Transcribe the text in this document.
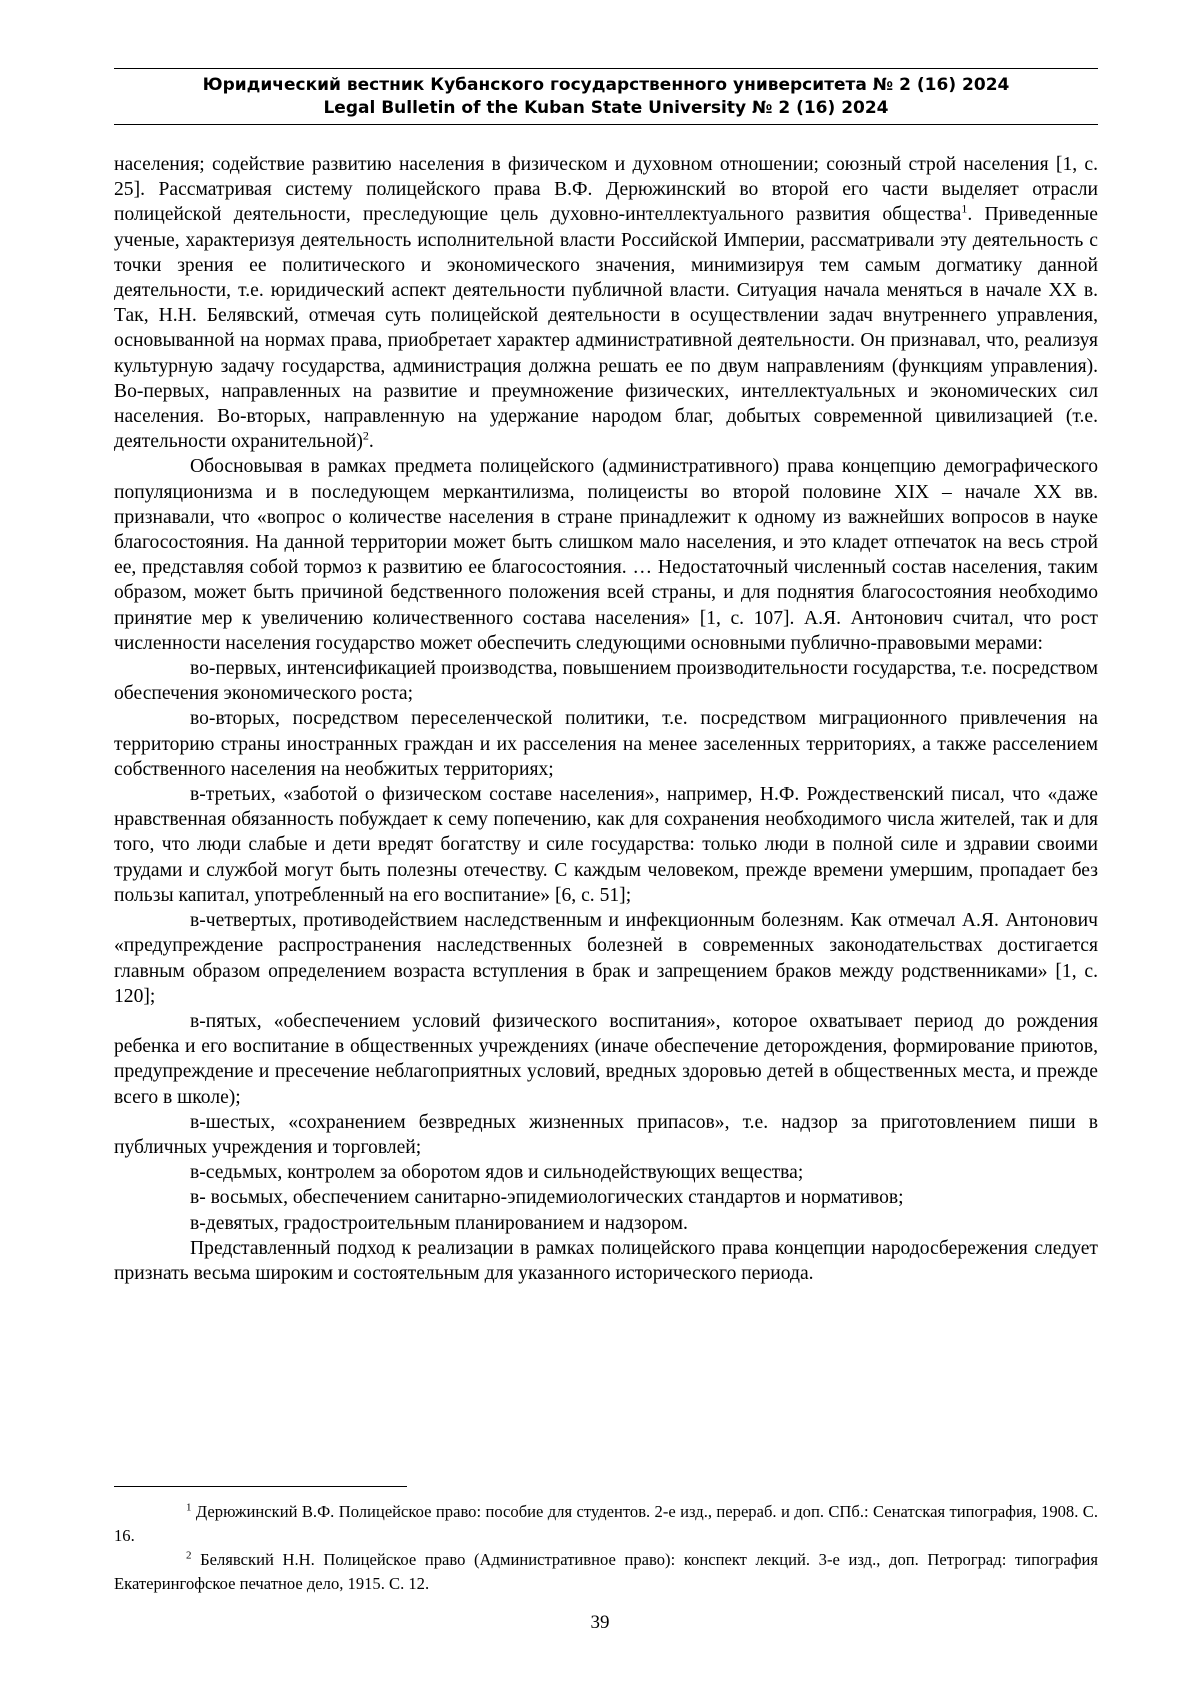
Юридический вестник Кубанского государственного университета № 2 (16) 2024
Legal Bulletin of the Kuban State University № 2 (16) 2024

населения; содействие развитию населения в физическом и духовном отношении; союзный строй населения [1, с. 25]. Рассматривая систему полицейского права В.Ф. Дерюжинский во второй его части выделяет отрасли полицейской деятельности, преследующие цель духовно-интеллектуального развития общества$^1$. Приведенные ученые, характеризуя деятельность исполнительной власти Российской Империи, рассматривали эту деятельность с точки зрения ее политического и экономического значения, минимизируя тем самым догматику данной деятельности, т.е. юридический аспект деятельности публичной власти. Ситуация начала меняться в начале XX в. Так, Н.Н. Белявский, отмечая суть полицейской деятельности в осуществлении задач внутреннего управления, основыванной на нормах права, приобретает характер административной деятельности. Он признавал, что, реализуя культурную задачу государства, администрация должна решать ее по двум направлениям (функциям управления). Во-первых, направленных на развитие и преумножение физических, интеллектуальных и экономических сил населения. Во-вторых, направленную на удержание народом благ, добытых современной цивилизацией (т.е. деятельности охранительной)$^2$.

Обосновывая в рамках предмета полицейского (административного) права концепцию демографического популяционизма и в последующем меркантилизма, полицеисты во второй половине XIX – начале XX вв. признавали, что «вопрос о количестве населения в стране принадлежит к одному из важнейших вопросов в науке благосостояния. На данной территории может быть слишком мало населения, и это кладет отпечаток на весь строй ее, представляя собой тормоз к развитию ее благосостояния. … Недостаточный численный состав населения, таким образом, может быть причиной бедственного положения всей страны, и для поднятия благосостояния необходимо принятие мер к увеличению количественного состава населения» [1, с. 107]. А.Я. Антонович считал, что рост численности населения государство может обеспечить следующими основными публично-правовыми мерами:

во-первых, интенсификацией производства, повышением производительности государства, т.е. посредством обеспечения экономического роста;

во-вторых, посредством переселенческой политики, т.е. посредством миграционного привлечения на территорию страны иностранных граждан и их расселения на менее заселенных территориях, а также расселением собственного населения на необжитых территориях;

в-третьих, «заботой о физическом составе населения», например, Н.Ф. Рождественский писал, что «даже нравственная обязанность побуждает к сему попечению, как для сохранения необходимого числа жителей, так и для того, что люди слабые и дети вредят богатству и силе государства: только люди в полной силе и здравии своими трудами и службой могут быть полезны отечеству. С каждым человеком, прежде времени умершим, пропадает без пользы капитал, употребленный на его воспитание» [6, с. 51];

в-четвертых, противодействием наследственным и инфекционным болезням. Как отмечал А.Я. Антонович «предупреждение распространения наследственных болезней в современных законодательствах достигается главным образом определением возраста вступления в брак и запрещением браков между родственниками» [1, с. 120];

в-пятых, «обеспечением условий физического воспитания», которое охватывает период до рождения ребенка и его воспитание в общественных учреждениях (иначе обеспечение деторождения, формирование приютов, предупреждение и пресечение неблагоприятных условий, вредных здоровью детей в общественных места, и прежде всего в школе);

в-шестых, «сохранением безвредных жизненных припасов», т.е. надзор за приготовлением пиши в публичных учреждения и торговлей;

в-седьмых, контролем за оборотом ядов и сильнодействующих вещества;

в- восьмых, обеспечением санитарно-эпидемиологических стандартов и нормативов;

в-девятых, градостроительным планированием и надзором.

Представленный подход к реализации в рамках полицейского права концепции народосбережения следует признать весьма широким и состоятельным для указанного исторического периода.

$^1$ Дерюжинский В.Ф. Полицейское право: пособие для студентов. 2-е изд., перераб. и доп. СПб.: Сенатская типография, 1908. С. 16.

$^2$ Белявский Н.Н. Полицейское право (Административное право): конспект лекций. 3-е изд., доп. Петроград: типография Екатерингофское печатное дело, 1915. С. 12.

39
